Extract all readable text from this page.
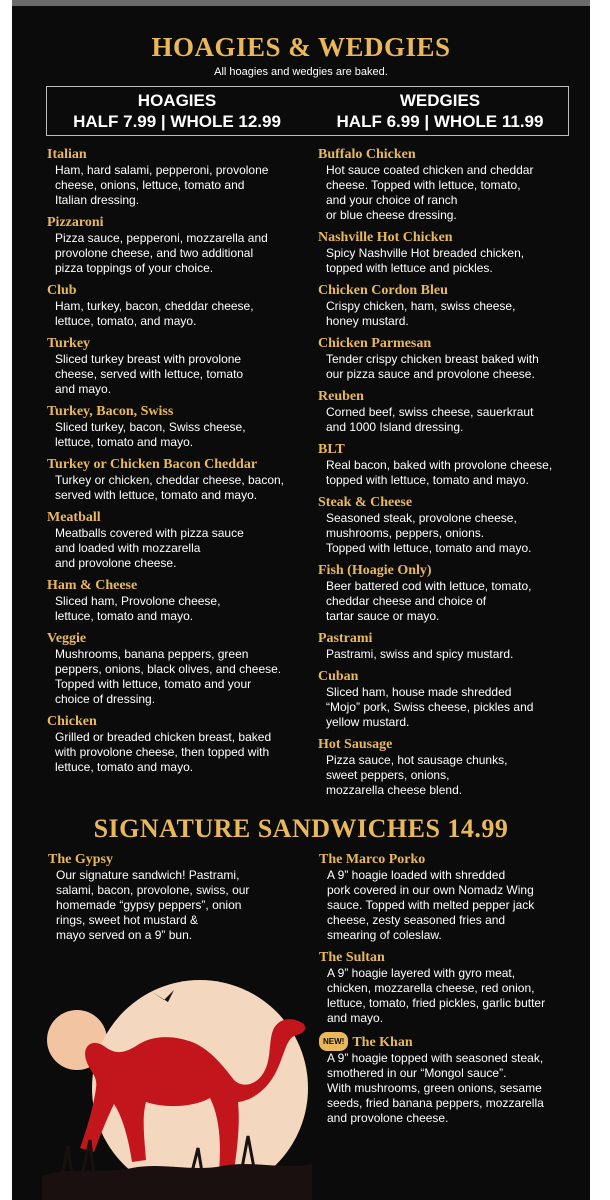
HOAGIES & WEDGIES
All hoagies and wedgies are baked.
HOAGIES
HALF 7.99 | WHOLE 12.99
WEDGIES
HALF 6.99 | WHOLE 11.99
Italian
Ham, hard salami, pepperoni, provolone
cheese, onions, lettuce, tomato and
Italian dressing.
Pizzaroni
Pizza sauce, pepperoni, mozzarella and
provolone cheese, and two additional
pizza toppings of your choice.
Club
Ham, turkey, bacon, cheddar cheese,
lettuce, tomato, and mayo.
Turkey
Sliced turkey breast with provolone
cheese, served with lettuce, tomato
and mayo.
Turkey, Bacon, Swiss
Sliced turkey, bacon, Swiss cheese,
lettuce, tomato and mayo.
Turkey or Chicken Bacon Cheddar
Turkey or chicken, cheddar cheese, bacon,
served with lettuce, tomato and mayo.
Meatball
Meatballs covered with pizza sauce
and loaded with mozzarella
and provolone cheese.
Ham & Cheese
Sliced ham, Provolone cheese,
lettuce, tomato and mayo.
Veggie
Mushrooms, banana peppers, green
peppers, onions, black olives, and cheese.
Topped with lettuce, tomato and your
choice of dressing.
Chicken
Grilled or breaded chicken breast, baked
with provolone cheese, then topped with
lettuce, tomato and mayo.
Buffalo Chicken
Hot sauce coated chicken and cheddar
cheese. Topped with lettuce, tomato,
and your choice of ranch
or blue cheese dressing.
Nashville Hot Chicken
Spicy Nashville Hot breaded chicken,
topped with lettuce and pickles.
Chicken Cordon Bleu
Crispy chicken, ham, swiss cheese,
honey mustard.
Chicken Parmesan
Tender crispy chicken breast baked with
our pizza sauce and provolone cheese.
Reuben
Corned beef, swiss cheese, sauerkraut
and 1000 Island dressing.
BLT
Real bacon, baked with provolone cheese,
topped with lettuce, tomato and mayo.
Steak & Cheese
Seasoned steak, provolone cheese,
mushrooms, peppers, onions.
Topped with lettuce, tomato and mayo.
Fish (Hoagie Only)
Beer battered cod with lettuce, tomato,
cheddar cheese and choice of
tartar sauce or mayo.
Pastrami
Pastrami, swiss and spicy mustard.
Cuban
Sliced ham, house made shredded
“Mojo” pork, Swiss cheese, pickles and
yellow mustard.
Hot Sausage
Pizza sauce, hot sausage chunks,
sweet peppers, onions,
mozzarella cheese blend.
SIGNATURE SANDWICHES 14.99
The Gypsy
Our signature sandwich! Pastrami,
salami, bacon, provolone, swiss, our
homemade “gypsy peppers”, onion
rings, sweet hot mustard &
mayo served on a 9” bun.
The Marco Porko
A 9” hoagie loaded with shredded
pork covered in our own Nomadz Wing
sauce. Topped with melted pepper jack
cheese, zesty seasoned fries and
smearing of coleslaw.
The Sultan
A 9” hoagie layered with gyro meat,
chicken, mozzarella cheese, red onion,
lettuce, tomato, fried pickles, garlic butter
and mayo.
NEW! The Khan
A 9” hoagie topped with seasoned steak,
smothered in our “Mongol sauce”.
With mushrooms, green onions, sesame
seeds, fried banana peppers, mozzarella
and provolone cheese.
